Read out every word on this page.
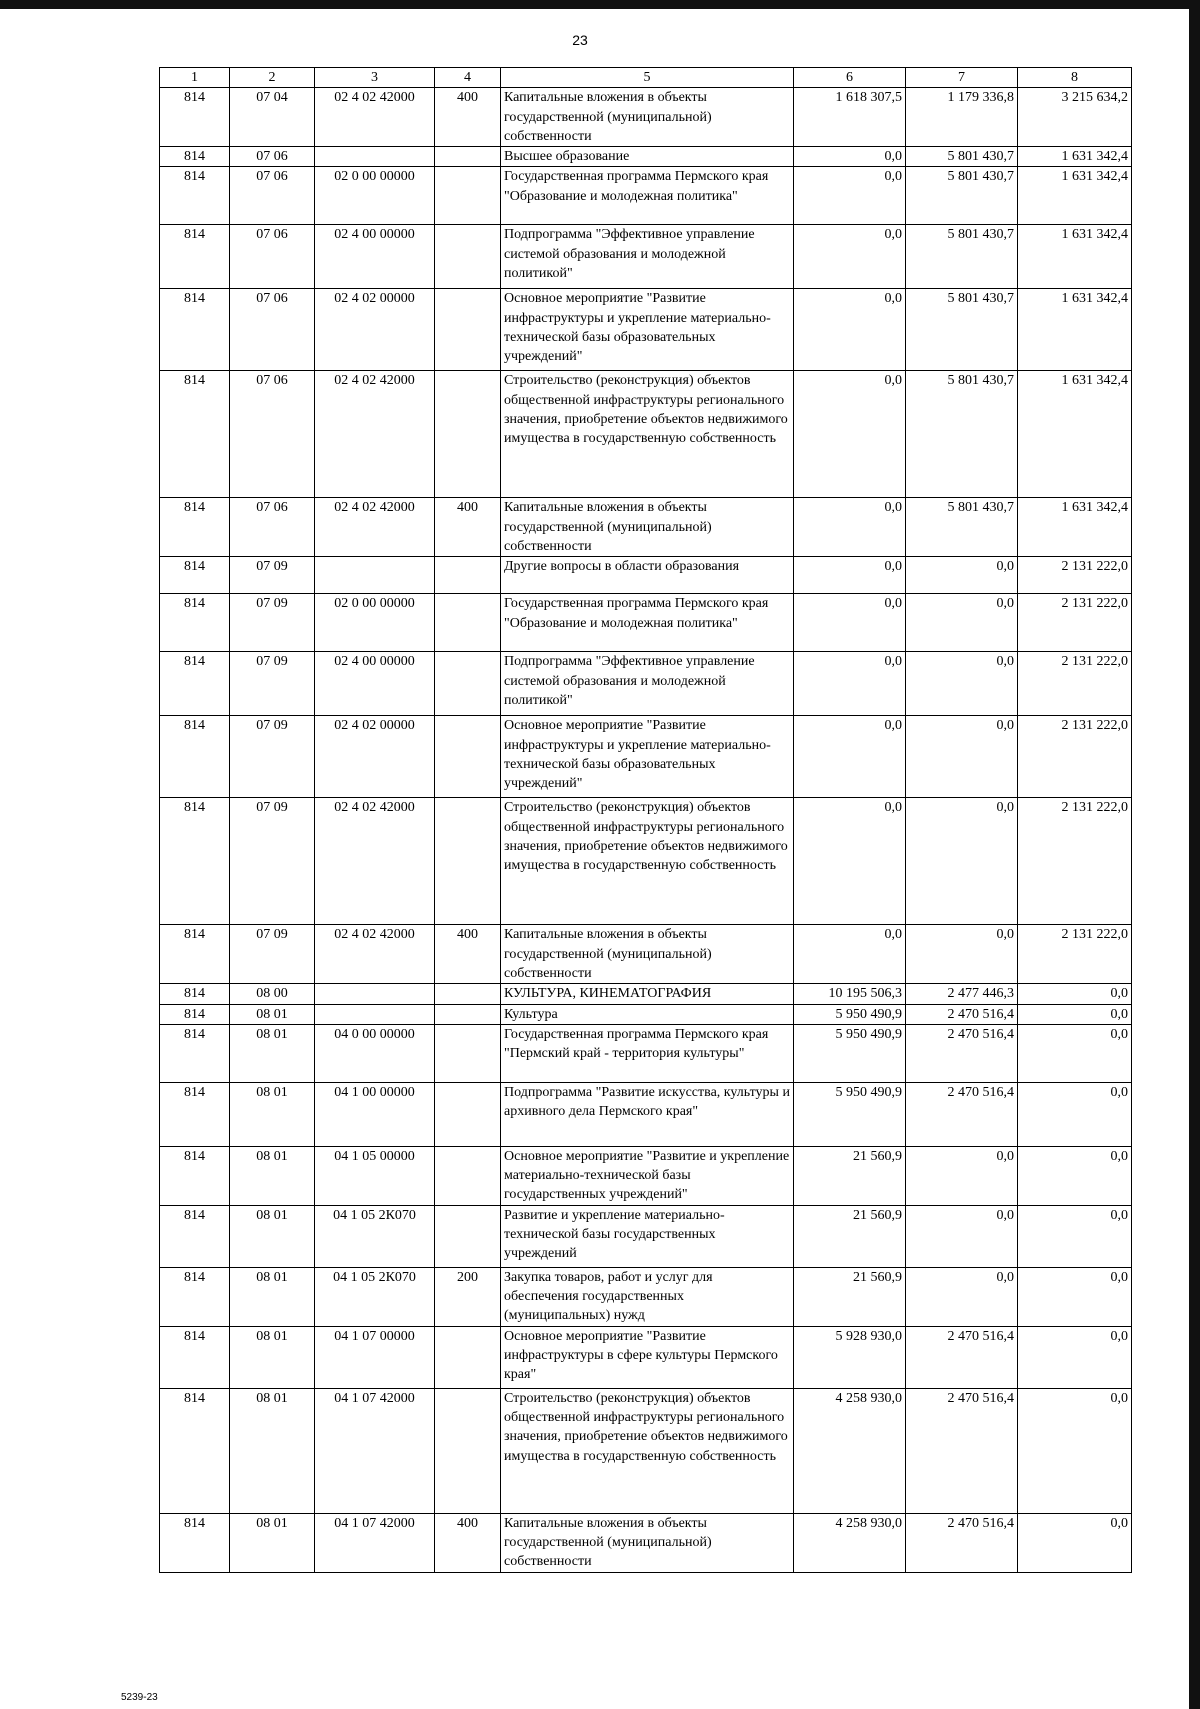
23
1	2	3	4	5	6	7	8
814	07 04	02 4 02 42000	400	Капитальные вложения в объекты государственной (муниципальной) собственности	1 618 307,5	1 179 336,8	3 215 634,2
814	07 06			Высшее образование	0,0	5 801 430,7	1 631 342,4
814	07 06	02 0 00 00000		Государственная программа Пермского края "Образование и молодежная политика"	0,0	5 801 430,7	1 631 342,4
814	07 06	02 4 00 00000		Подпрограмма "Эффективное управление системой образования и молодежной политикой"	0,0	5 801 430,7	1 631 342,4
814	07 06	02 4 02 00000		Основное мероприятие "Развитие инфраструктуры и укрепление материально-технической базы образовательных учреждений"	0,0	5 801 430,7	1 631 342,4
814	07 06	02 4 02 42000		Строительство (реконструкция) объектов общественной инфраструктуры регионального значения, приобретение объектов недвижимого имущества в государственную собственность	0,0	5 801 430,7	1 631 342,4
814	07 06	02 4 02 42000	400	Капитальные вложения в объекты государственной (муниципальной) собственности	0,0	5 801 430,7	1 631 342,4
814	07 09			Другие вопросы в области образования	0,0	0,0	2 131 222,0
814	07 09	02 0 00 00000		Государственная программа Пермского края "Образование и молодежная политика"	0,0	0,0	2 131 222,0
814	07 09	02 4 00 00000		Подпрограмма "Эффективное управление системой образования и молодежной политикой"	0,0	0,0	2 131 222,0
814	07 09	02 4 02 00000		Основное мероприятие "Развитие инфраструктуры и укрепление материально-технической базы образовательных учреждений"	0,0	0,0	2 131 222,0
814	07 09	02 4 02 42000		Строительство (реконструкция) объектов общественной инфраструктуры регионального значения, приобретение объектов недвижимого имущества в государственную собственность	0,0	0,0	2 131 222,0
814	07 09	02 4 02 42000	400	Капитальные вложения в объекты государственной (муниципальной) собственности	0,0	0,0	2 131 222,0
814	08 00			КУЛЬТУРА, КИНЕМАТОГРАФИЯ	10 195 506,3	2 477 446,3	0,0
814	08 01			Культура	5 950 490,9	2 470 516,4	0,0
814	08 01	04 0 00 00000		Государственная программа Пермского края "Пермский край - территория культуры"	5 950 490,9	2 470 516,4	0,0
814	08 01	04 1 00 00000		Подпрограмма "Развитие искусства, культуры и архивного дела Пермского края"	5 950 490,9	2 470 516,4	0,0
814	08 01	04 1 05 00000		Основное мероприятие "Развитие и укрепление материально-технической базы государственных учреждений"	21 560,9	0,0	0,0
814	08 01	04 1 05 2К070		Развитие и укрепление материально-технической базы государственных учреждений	21 560,9	0,0	0,0
814	08 01	04 1 05 2К070	200	Закупка товаров, работ и услуг для обеспечения государственных (муниципальных) нужд	21 560,9	0,0	0,0
814	08 01	04 1 07 00000		Основное мероприятие "Развитие инфраструктуры в сфере культуры Пермского края"	5 928 930,0	2 470 516,4	0,0
814	08 01	04 1 07 42000		Строительство (реконструкция) объектов общественной инфраструктуры регионального значения, приобретение объектов недвижимого имущества в государственную собственность	4 258 930,0	2 470 516,4	0,0
814	08 01	04 1 07 42000	400	Капитальные вложения в объекты государственной (муниципальной) собственности	4 258 930,0	2 470 516,4	0,0
5239-23
